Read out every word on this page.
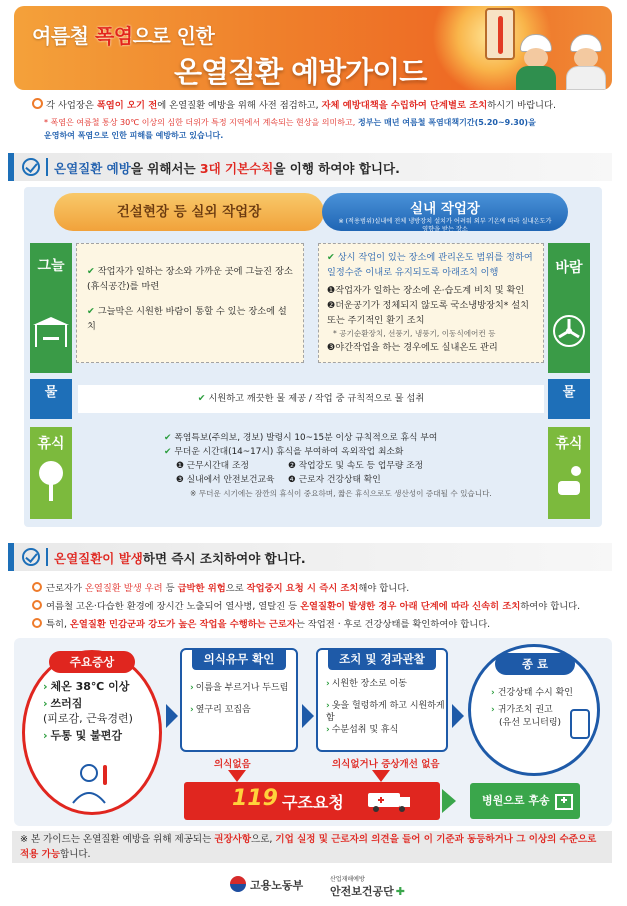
여름철 폭염으로 인한
온열질환 예방가이드
각 사업장은 폭염이 오기 전에 온열질환 예방을 위해 사전 점검하고, 자체 예방대책을 수립하여 단계별로 조치하시기 바랍니다.
* 폭염은 여름철 통상 30℃ 이상의 심한 더위가 특정 지역에서 계속되는 현상을 의미하고, 정부는 매년 여름철 폭염대책기간(5.20~9.30)을
운영하여 폭염으로 인한 피해를 예방하고 있습니다.
온열질환 예방을 위해서는 3대 기본수칙을 이행 하여야 합니다.
건설현장 등 실외 작업장	실내 작업장
※ (적용범위)실내에 전체 냉방장치 설치가 어려워 외부 기온에 따라 실내온도가 영향을 받는 장소
그늘	✔ 작업자가 일하는 장소와 가까운 곳에 그늘진 장소(휴식공간)를 마련
✔ 그늘막은 시원한 바람이 통할 수 있는 장소에 설치
✔ 상시 작업이 있는 장소에 관리온도 범위를 정하여 일정수준 이내로 유지되도록 아래조치 이행
❶작업자가 일하는 장소에 온·습도계 비치 및 확인
❷더운공기가 정체되지 않도록 국소냉방장치* 설치 또는 주기적인 환기 조치
* 공기순환장치, 선풍기, 냉풍기, 이동식에어컨 등
❸야간작업을 하는 경우에도 실내온도 관리
바람
물	물
✔ 시원하고 깨끗한 물 제공 / 작업 중 규칙적으로 물 섭취
휴식	휴식
✔ 폭염특보(주의보, 경보) 발령시 10~15분 이상 규칙적으로 휴식 부여
✔ 무더운 시간대(14~17시) 휴식을 부여하여 옥외작업 최소화
❶ 근무시간대 조정	❷ 작업강도 및 속도 등 업무량 조정
❸ 실내에서 안전보건교육 ❹ 근로자 건강상태 확인
※ 무더운 시기에는 잠깐의 휴식이 중요하며, 짧은 휴식으로도 생산성이 증대될 수 있습니다.
온열질환이 발생하면 즉시 조치하여야 합니다.
근로자가 온열질환 발생 우려 등 급박한 위험으로 작업중지 요청 시 즉시 조치해야 합니다.
여름철 고온·다습한 환경에 장시간 노출되어 열사병, 열탈진 등 온열질환이 발생한 경우 아래 단계에 따라 신속히 조치하여야 합니다.
특히, 온열질환 민감군과 강도가 높은 작업을 수행하는 근로자는 작업전 · 후로 건강상태를 확인하여야 합니다.
주요증상
› 체온 38℃ 이상
› 쓰러짐
(피로감, 근육경련)
› 두통 및 불편감
의식유무 확인
› 이름을 부르거나 두드림
› 옆구리 꼬집음
조치 및 경과관찰
› 시원한 장소로 이동
› 옷을 헐렁하게 하고 시원하게 함
› 수분섭취 및 휴식
종 료
› 건강상태 수시 확인
› 귀가조치 권고
(유선 모니터링)
의식없음	의식없거나 증상개선 없음
119 구조요청	병원으로 후송
※ 본 가이드는 온열질환 예방을 위해 제공되는 권장사항으로, 기업 실정 및 근로자의 의견을 들어 이 기준과 동등하거나 그 이상의 수준으로 적용 가능합니다.
고용노동부	산업재해예방
안전보건공단 ✚
